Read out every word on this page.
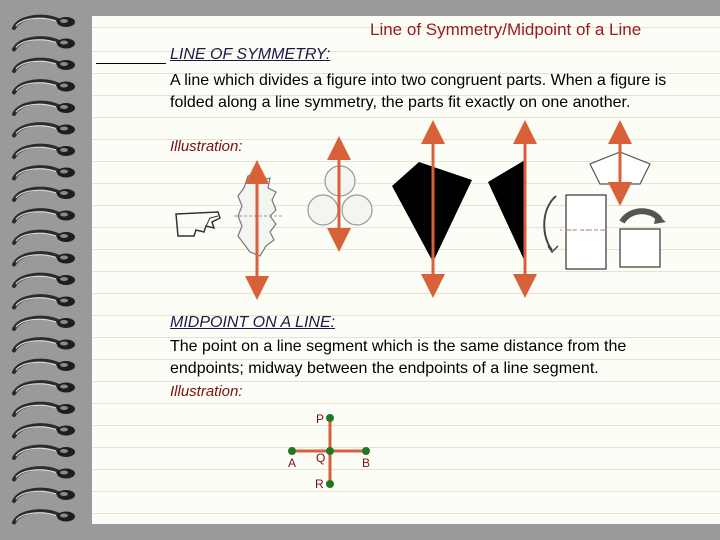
Line of Symmetry/Midpoint of a Line
LINE OF SYMMETRY:
A line which divides a figure into two congruent parts. When a figure is folded along a line symmetry, the parts fit exactly on one another.
Illustration:
MIDPOINT ON A LINE:
The point on a line segment which is the same distance from the endpoints; midway between the endpoints of a line segment.
Illustration:
P
A Q	B
R
